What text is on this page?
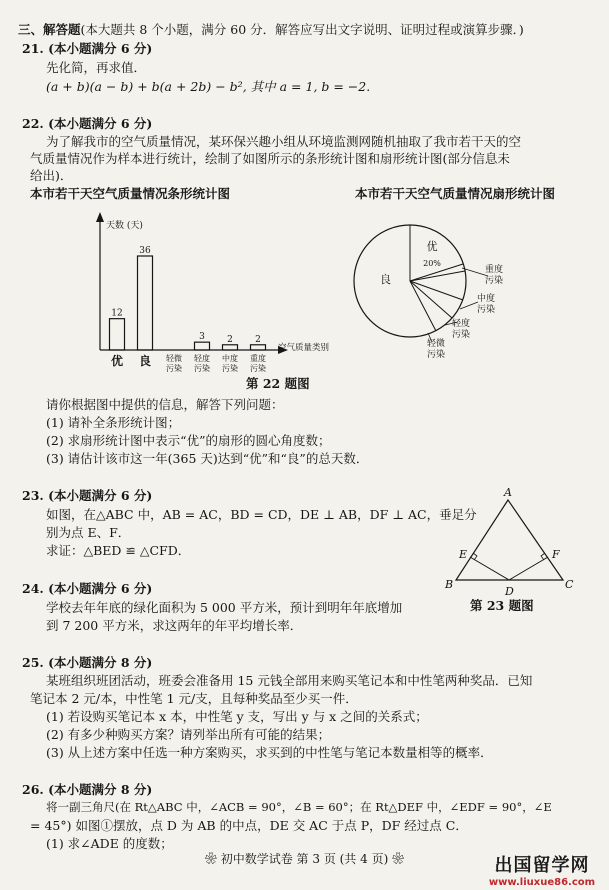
三、解答题(本大题共 8 个小题，满分 60 分．解答应写出文字说明、证明过程或演算步骤．)
21. (本小题满分 6 分)
先化简，再求值．
(a + b)(a − b) + b(a + 2b) − b², 其中 a = 1, b = −2.
22. (本小题满分 6 分)
为了解我市的空气质量情况，某环保兴趣小组从环境监测网随机抽取了我市若干天的空
气质量情况作为样本进行统计，绘制了如图所示的条形统计图和扇形统计图(部分信息未
给出)．
本市若干天空气质量情况条形统计图	本市若干天空气质量情况扇形统计图
天数 (天)
空气质量类别
12
优
36
良 轻微污染
3
轻度污染
2
中度污染
2
重度污染
优
20%
良
重度污染
中度污染
轻度污染
轻微污染
第 22 题图
请你根据图中提供的信息，解答下列问题：
(1) 请补全条形统计图；
(2) 求扇形统计图中表示“优”的扇形的圆心角度数；
(3) 请估计该市这一年(365 天)达到“优”和“良”的总天数．
23. (本小题满分 6 分)
如图，在△ABC 中，AB = AC，BD = CD，DE ⊥ AB，DF ⊥ AC，垂足分
别为点 E、F．
求证：△BED ≌ △CFD．
A
B	C
D
E	F
第 23 题图
24. (本小题满分 6 分)
学校去年年底的绿化面积为 5 000 平方米，预计到明年年底增加
到 7 200 平方米，求这两年的年平均增长率．
25. (本小题满分 8 分)
某班组织班团活动，班委会准备用 15 元钱全部用来购买笔记本和中性笔两种奖品．已知
笔记本 2 元/本，中性笔 1 元/支，且每种奖品至少买一件．
(1) 若设购买笔记本 x 本，中性笔 y 支，写出 y 与 x 之间的关系式；
(2) 有多少种购买方案？请列举出所有可能的结果；
(3) 从上述方案中任选一种方案购买，求买到的中性笔与笔记本数量相等的概率．
26. (本小题满分 8 分)
将一副三角尺(在 Rt△ABC 中，∠ACB = 90°，∠B = 60°；在 Rt△DEF 中，∠EDF = 90°，∠E
= 45°) 如图①摆放，点 D 为 AB 的中点，DE 交 AC 于点 P，DF 经过点 C．
(1) 求∠ADE 的度数；
❀ 初中数学试卷 第 3 页 (共 4 页) ❀	出国留学网
www.liuxue86.com
